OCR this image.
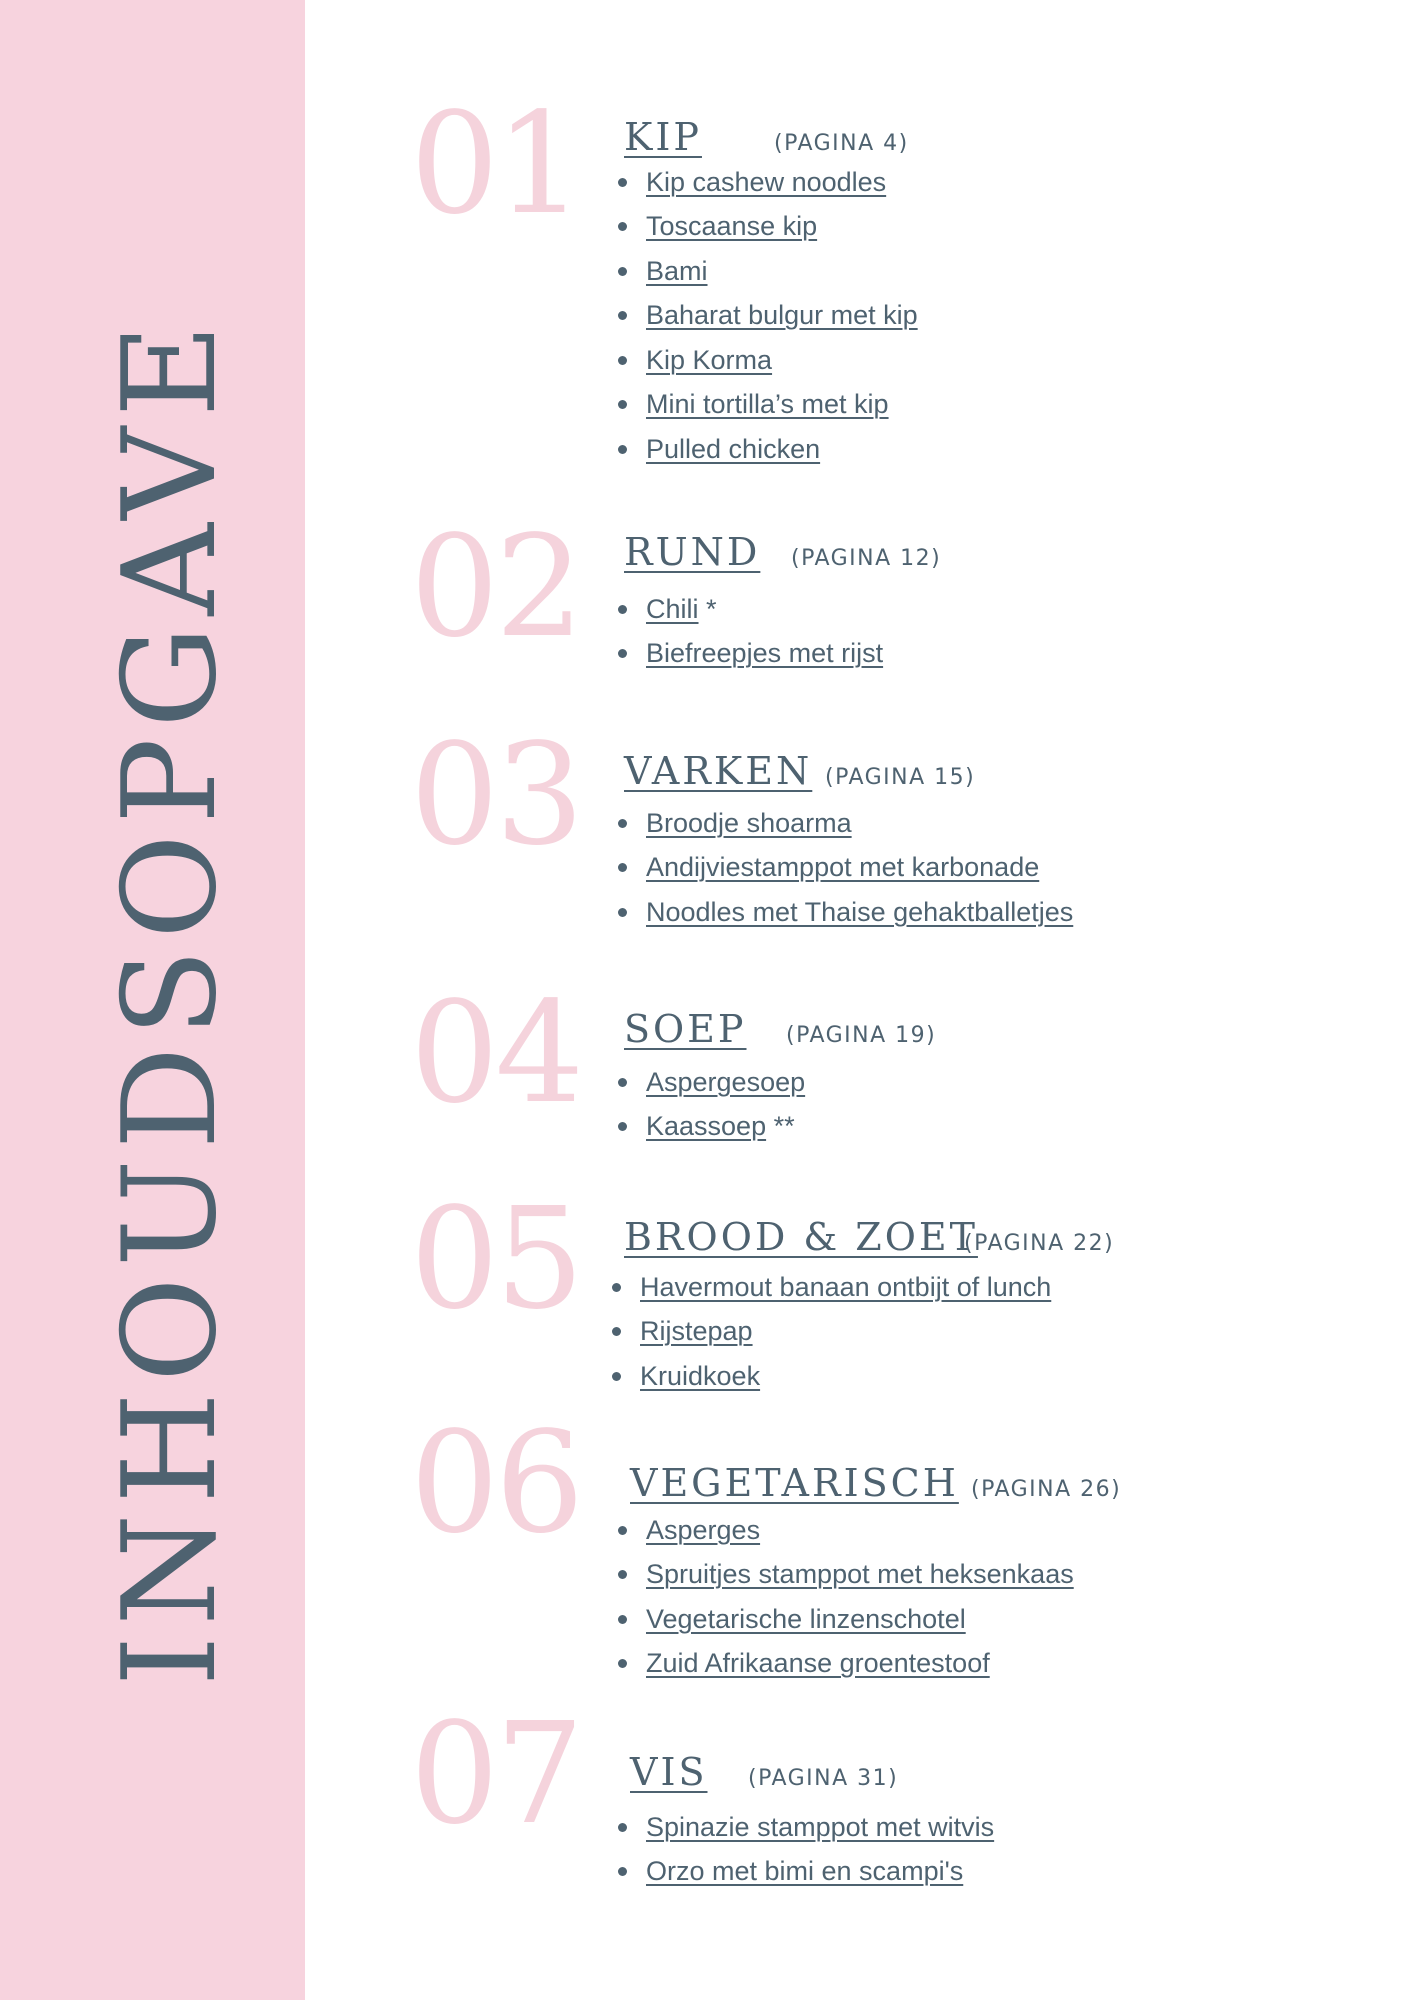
INHOUDSOPGAVE
01 KIP	(PAGINA 4)
Kip cashew noodles
Toscaanse kip
Bami
Baharat bulgur met kip
Kip Korma
Mini tortilla’s met kip
Pulled chicken
02 RUND (PAGINA 12)
Chili *
Biefreepjes met rijst
03 VARKEN (PAGINA 15)
Broodje shoarma
Andijviestamppot met karbonade
Noodles met Thaise gehaktballetjes
04 SOEP (PAGINA 19)
Aspergesoep
Kaassoep **
05 BROOD & ZOET
(PAGINA 22)
Havermout banaan ontbijt of lunch
Rijstepap
Kruidkoek
06 VEGETARISCH (PAGINA 26)
Asperges
Spruitjes stamppot met heksenkaas
Vegetarische linzenschotel
Zuid Afrikaanse groentestoof
07 VIS (PAGINA 31)
Spinazie stamppot met witvis
Orzo met bimi en scampi's
